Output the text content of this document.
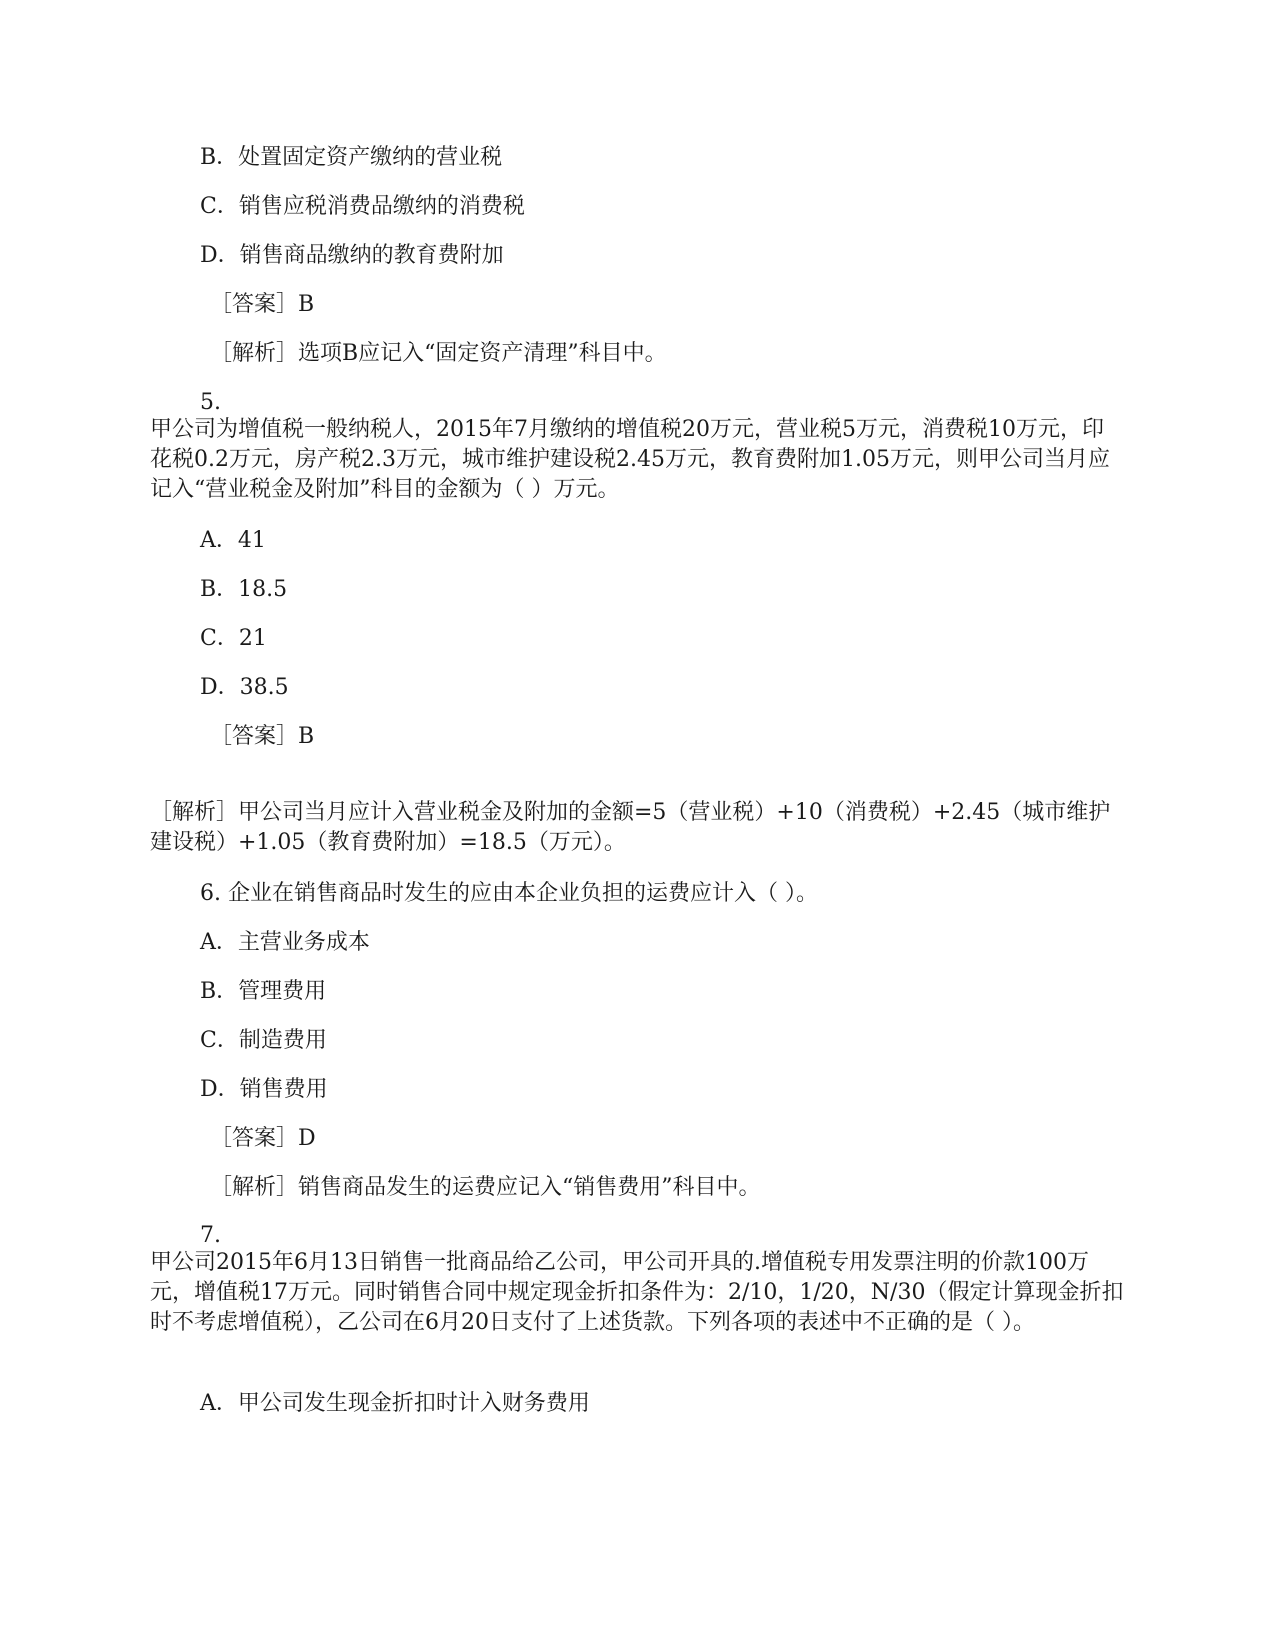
B．处置固定资产缴纳的营业税
C．销售应税消费品缴纳的消费税
D．销售商品缴纳的教育费附加
［答案］B
［解析］选项B应记入“固定资产清理”科目中。
5.
甲公司为增值税一般纳税人，2015年7月缴纳的增值税20万元，营业税5万元，消费税10万元，印花税0.2万元，房产税2.3万元，城市维护建设税2.45万元，教育费附加1.05万元，则甲公司当月应记入“营业税金及附加”科目的金额为（ ）万元。
A．41
B．18.5
C．21
D．38.5
［答案］B
［解析］甲公司当月应计入营业税金及附加的金额=5（营业税）+10（消费税）+2.45（城市维护建设税）+1.05（教育费附加）=18.5（万元）。
6. 企业在销售商品时发生的应由本企业负担的运费应计入（ ）。
A．主营业务成本
B．管理费用
C．制造费用
D．销售费用
［答案］D
［解析］销售商品发生的运费应记入“销售费用”科目中。
7.
甲公司2015年6月13日销售一批商品给乙公司，甲公司开具的.增值税专用发票注明的价款100万元，增值税17万元。同时销售合同中规定现金折扣条件为：2/10，1/20，N/30（假定计算现金折扣时不考虑增值税），乙公司在6月20日支付了上述货款。下列各项的表述中不正确的是（ ）。
A．甲公司发生现金折扣时计入财务费用
